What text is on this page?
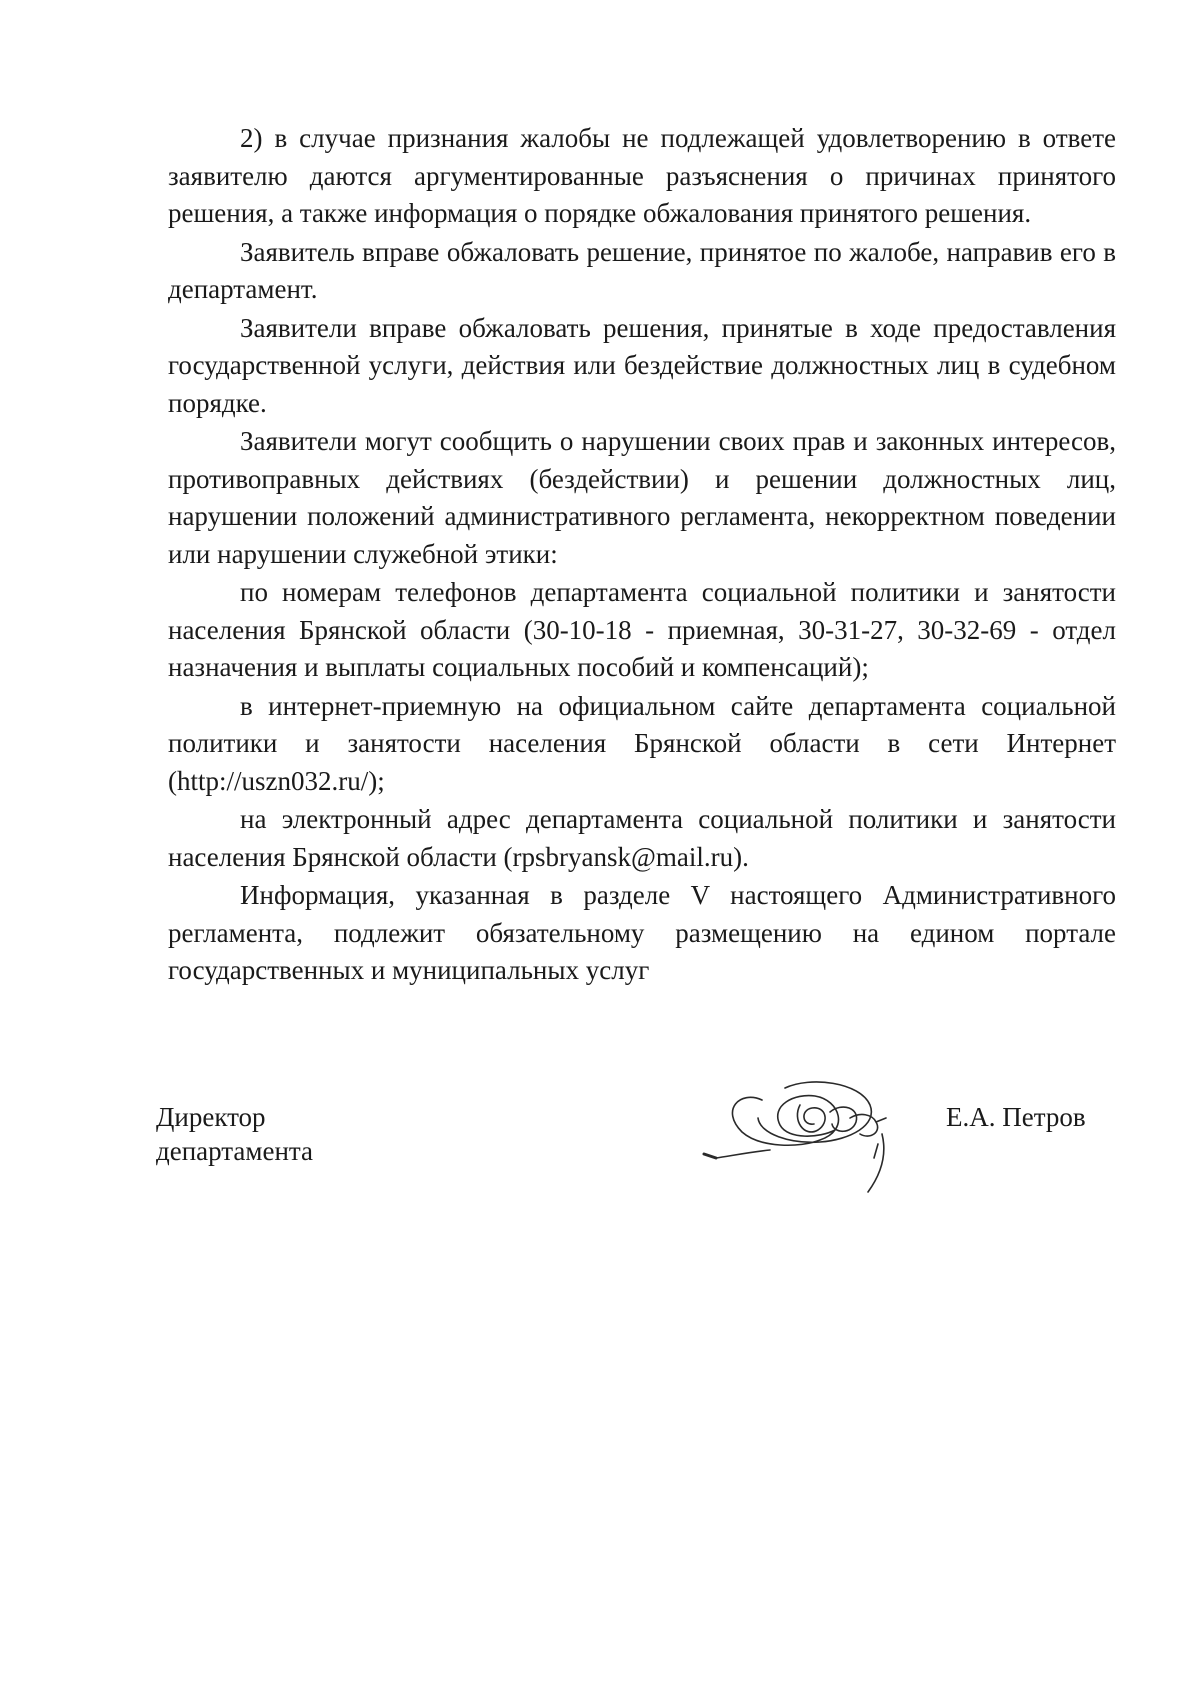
2) в случае признания жалобы не подлежащей удовлетворению в ответе заявителю даются аргументированные разъяснения о причинах принятого решения, а также информация о порядке обжалования принятого решения.

Заявитель вправе обжаловать решение, принятое по жалобе, направив его в департамент.

Заявители вправе обжаловать решения, принятые в ходе предоставления государственной услуги, действия или бездействие должностных лиц в судебном порядке.

Заявители могут сообщить о нарушении своих прав и законных интересов, противоправных действиях (бездействии) и решении должностных лиц, нарушении положений административного регламента, некорректном поведении или нарушении служебной этики:

по номерам телефонов департамента социальной политики и занятости населения Брянской области (30-10-18 - приемная, 30-31-27, 30-32-69 - отдел назначения и выплаты социальных пособий и компенсаций);

в интернет-приемную на официальном сайте департамента социальной политики и занятости населения Брянской области в сети Интернет (http://uszn032.ru/);

на электронный адрес департамента социальной политики и занятости населения Брянской области (rpsbryansk@mail.ru).

Информация, указанная в разделе V настоящего Административного регламента, подлежит обязательному размещению на едином портале государственных и муниципальных услуг

Директор
департамента
Е.А. Петров
